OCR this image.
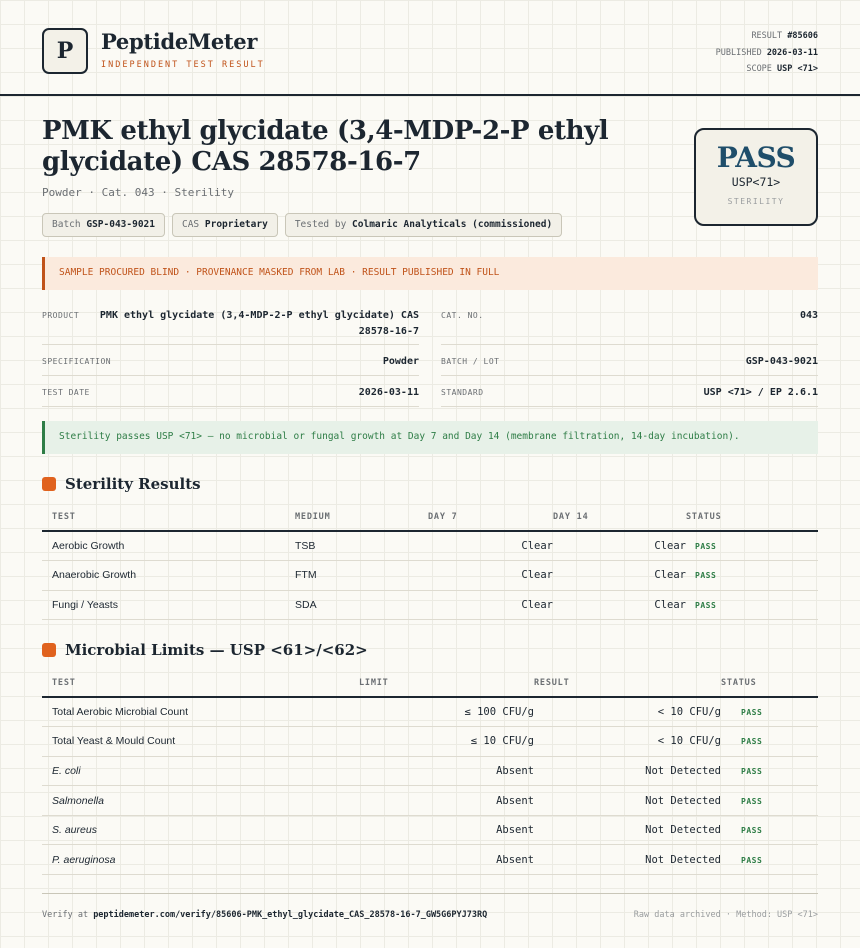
P	PeptideMeter
INDEPENDENT TEST RESULT
RESULT #85606
PUBLISHED 2026-03-11
SCOPE USP <71>
PMK ethyl glycidate (3,4-MDP-2-P ethyl glycidate) CAS 28578-16-7
Powder · Cat. 043 · Sterility
Batch GSP-043-9021	CAS Proprietary	Tested by Colmaric Analyticals (commissioned)
PASS
USP<71>
STERILITY
SAMPLE PROCURED BLIND · PROVENANCE MASKED FROM LAB · RESULT PUBLISHED IN FULL
PRODUCT PMK ethyl glycidate (3,4-MDP-2-P ethyl glycidate) CAS 28578-16-7
CAT. NO.	043
SPECIFICATION	Powder	BATCH / LOT	GSP-043-9021
TEST DATE	2026-03-11	STANDARD	USP <71> / EP 2.6.1
Sterility passes USP <71> — no microbial or fungal growth at Day 7 and Day 14 (membrane filtration, 14-day incubation).
Sterility Results
TEST	MEDIUM	DAY 7	DAY 14	STATUS
Aerobic Growth	TSB	Clear	Clear	PASS
Anaerobic Growth	FTM	Clear	Clear	PASS
Fungi / Yeasts	SDA	Clear	Clear	PASS
Microbial Limits — USP <61>/<62>
TEST	LIMIT	RESULT	STATUS
Total Aerobic Microbial Count	≤ 100 CFU/g	< 10 CFU/g	PASS
Total Yeast & Mould Count	≤ 10 CFU/g	< 10 CFU/g	PASS
E. coli	Absent	Not Detected	PASS
Salmonella	Absent	Not Detected	PASS
S. aureus	Absent	Not Detected	PASS
P. aeruginosa	Absent	Not Detected	PASS
Verify at peptidemeter.com/verify/85606-PMK_ethyl_glycidate_CAS_28578-16-7_GW5G6PYJ73RQ	Raw data archived · Method: USP <71>
